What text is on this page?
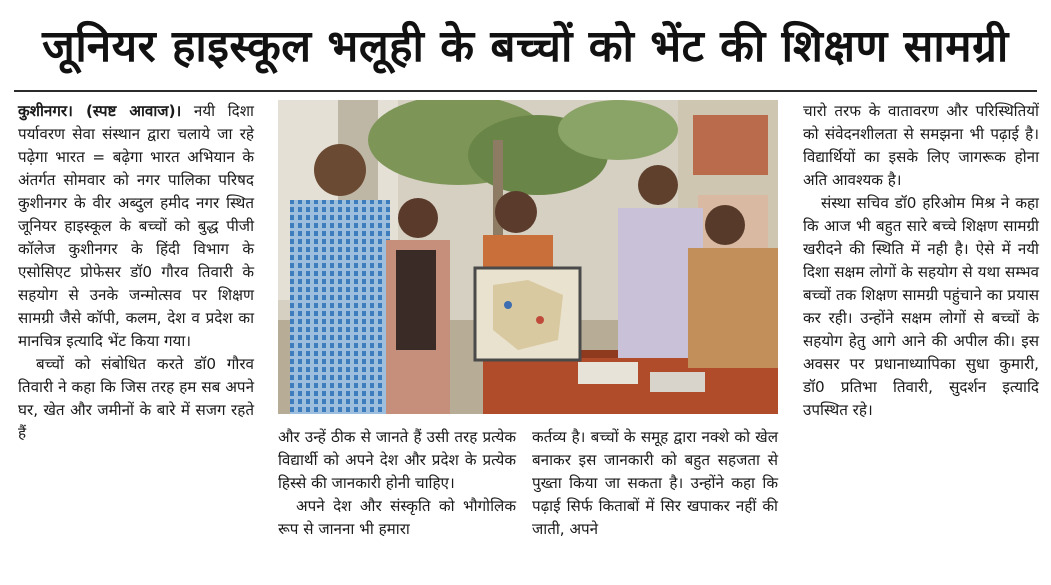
जूनियर हाइस्कूल भलूही के बच्चों को भेंट की शिक्षण सामग्री

कुशीनगर। (स्पष्ट आवाज)। नयी दिशा पर्यावरण सेवा संस्थान द्वारा चलाये जा रहे पढ़ेगा भारत = बढ़ेगा भारत अभियान के अंतर्गत सोमवार को नगर पालिका परिषद कुशीनगर के वीर अब्दुल हमीद नगर स्थित जूनियर हाइस्कूल के बच्चों को बुद्ध पीजी कॉलेज कुशीनगर के हिंदी विभाग के एसोसिएट प्रोफेसर डॉ0 गौरव तिवारी के सहयोग से उनके जन्मोत्सव पर शिक्षण सामग्री जैसे कॉपी, कलम, देश व प्रदेश का मानचित्र इत्यादि भेंट किया गया।

बच्चों को संबोधित करते डॉ0 गौरव तिवारी ने कहा कि जिस तरह हम सब अपने घर, खेत और जमीनों के बारे में सजग रहते हैं	और उन्हें ठीक से जानते हैं उसी तरह प्रत्येक विद्यार्थी को अपने देश और प्रदेश के प्रत्येक हिस्से की जानकारी होनी चाहिए।

अपने देश और संस्कृति को भौगोलिक रूप से जानना भी हमारा

कर्तव्य है। बच्चों के समूह द्वारा नक्शे को खेल बनाकर इस जानकारी को बहुत सहजता से पुख्ता किया जा सकता है। उन्होंने कहा कि पढ़ाई सिर्फ किताबों में सिर खपाकर नहीं की जाती, अपने

चारो तरफ के वातावरण और परिस्थितियों को संवेदनशीलता से समझना भी पढ़ाई है। विद्यार्थियों का इसके लिए जागरूक होना अति आवश्यक है।

संस्था सचिव डॉ0 हरिओम मिश्र ने कहा कि आज भी बहुत सारे बच्चे शिक्षण सामग्री खरीदने की स्थिति में नही है। ऐसे में नयी दिशा सक्षम लोगों के सहयोग से यथा सम्भव बच्चों तक शिक्षण सामग्री पहुंचाने का प्रयास कर रही। उन्होंने सक्षम लोगों से बच्चों के सहयोग हेतु आगे आने की अपील की। इस अवसर पर प्रधानाध्यापिका सुधा कुमारी, डॉ0 प्रतिभा तिवारी, सुदर्शन इत्यादि उपस्थित रहे।
